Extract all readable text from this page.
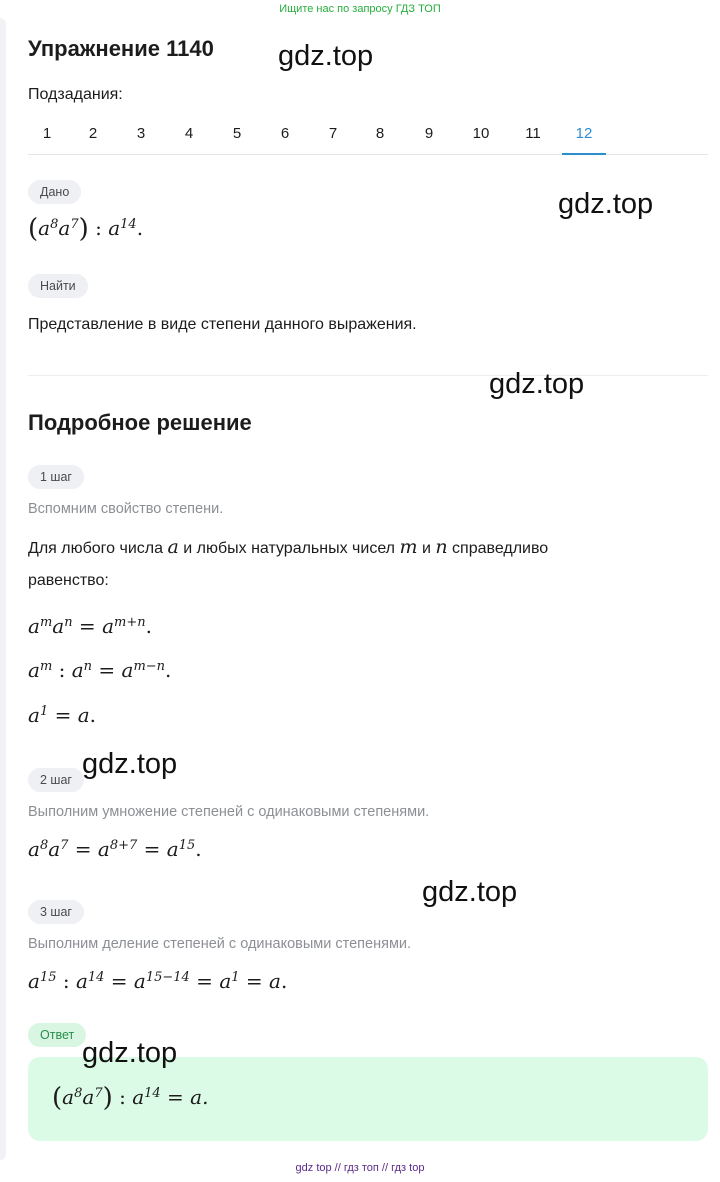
Ищите нас по запросу ГДЗ ТОП
Упражнение 1140
Подзадания:
1	2	3	4	5	6	7	8	9	10	11	12
Дано
$(a^8a^7)$ : $a^{14}$.
Найти
Представление в виде степени данного выражения.
Подробное решение
1 шаг
Вспомним свойство степени.
Для любого числа a и любых натуральных чисел m и n справедливо
равенство:
$a^ma^n = a^{m+n}$.
$a^m$ : $a^n = a^{m-n}$.
$a^1 = a$.
2 шаг
Выполним умножение степеней с одинаковыми степенями.
$a^8a^7 = a^{8+7} = a^{15}$.
3 шаг
Выполним деление степеней с одинаковыми степенями.
$a^{15}$ : $a^{14} = a^{15-14} = a^1 = a$.
Ответ
$(a^8a^7)$ : $a^{14} = a$.
gdz.top
gdz.top
gdz.top
gdz.top
gdz.top
gdz.top
gdz top // гдз топ // гдз top
